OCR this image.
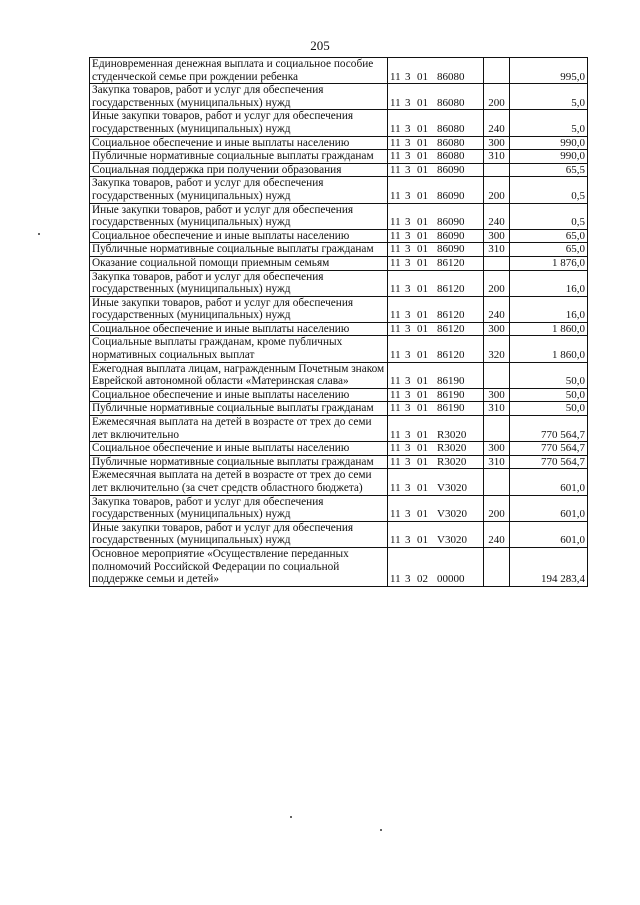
205
Единовременная денежная выплата и социальное пособие студенческой семье при рождении ребенка	11 3 01 86080		995,0
Закупка товаров, работ и услуг для обеспечения государственных (муниципальных) нужд	11 3 01 86080	200	5,0
Иные закупки товаров, работ и услуг для обеспечения государственных (муниципальных) нужд	11 3 01 86080	240	5,0
Социальное обеспечение и иные выплаты населению	11 3 01 86080	300	990,0
Публичные нормативные социальные выплаты гражданам	11 3 01 86080	310	990,0
Социальная поддержка при получении образования	11 3 01 86090		65,5
Закупка товаров, работ и услуг для обеспечения государственных (муниципальных) нужд	11 3 01 86090	200	0,5
Иные закупки товаров, работ и услуг для обеспечения государственных (муниципальных) нужд	11 3 01 86090	240	0,5
Социальное обеспечение и иные выплаты населению	11 3 01 86090	300	65,0
Публичные нормативные социальные выплаты гражданам	11 3 01 86090	310	65,0
Оказание социальной помощи приемным семьям	11 3 01 86120		1 876,0
Закупка товаров, работ и услуг для обеспечения государственных (муниципальных) нужд	11 3 01 86120	200	16,0
Иные закупки товаров, работ и услуг для обеспечения государственных (муниципальных) нужд	11 3 01 86120	240	16,0
Социальное обеспечение и иные выплаты населению	11 3 01 86120	300	1 860,0
Социальные выплаты гражданам, кроме публичных нормативных социальных выплат	11 3 01 86120	320	1 860,0
Ежегодная выплата лицам, награжденным Почетным знаком Еврейской автономной области «Материнская слава»	11 3 01 86190		50,0
Социальное обеспечение и иные выплаты населению	11 3 01 86190	300	50,0
Публичные нормативные социальные выплаты гражданам	11 3 01 86190	310	50,0
Ежемесячная выплата на детей в возрасте от трех до семи лет включительно	11 3 01 R3020		770 564,7
Социальное обеспечение и иные выплаты населению	11 3 01 R3020	300	770 564,7
Публичные нормативные социальные выплаты гражданам	11 3 01 R3020	310	770 564,7
Ежемесячная выплата на детей в возрасте от трех до семи лет включительно (за счет средств областного бюджета)	11 3 01 V3020		601,0
Закупка товаров, работ и услуг для обеспечения государственных (муниципальных) нужд	11 3 01 V3020	200	601,0
Иные закупки товаров, работ и услуг для обеспечения государственных (муниципальных) нужд	11 3 01 V3020	240	601,0
Основное мероприятие «Осуществление переданных полномочий Российской Федерации по социальной поддержке семьи и детей»	11 3 02 00000		194 283,4
